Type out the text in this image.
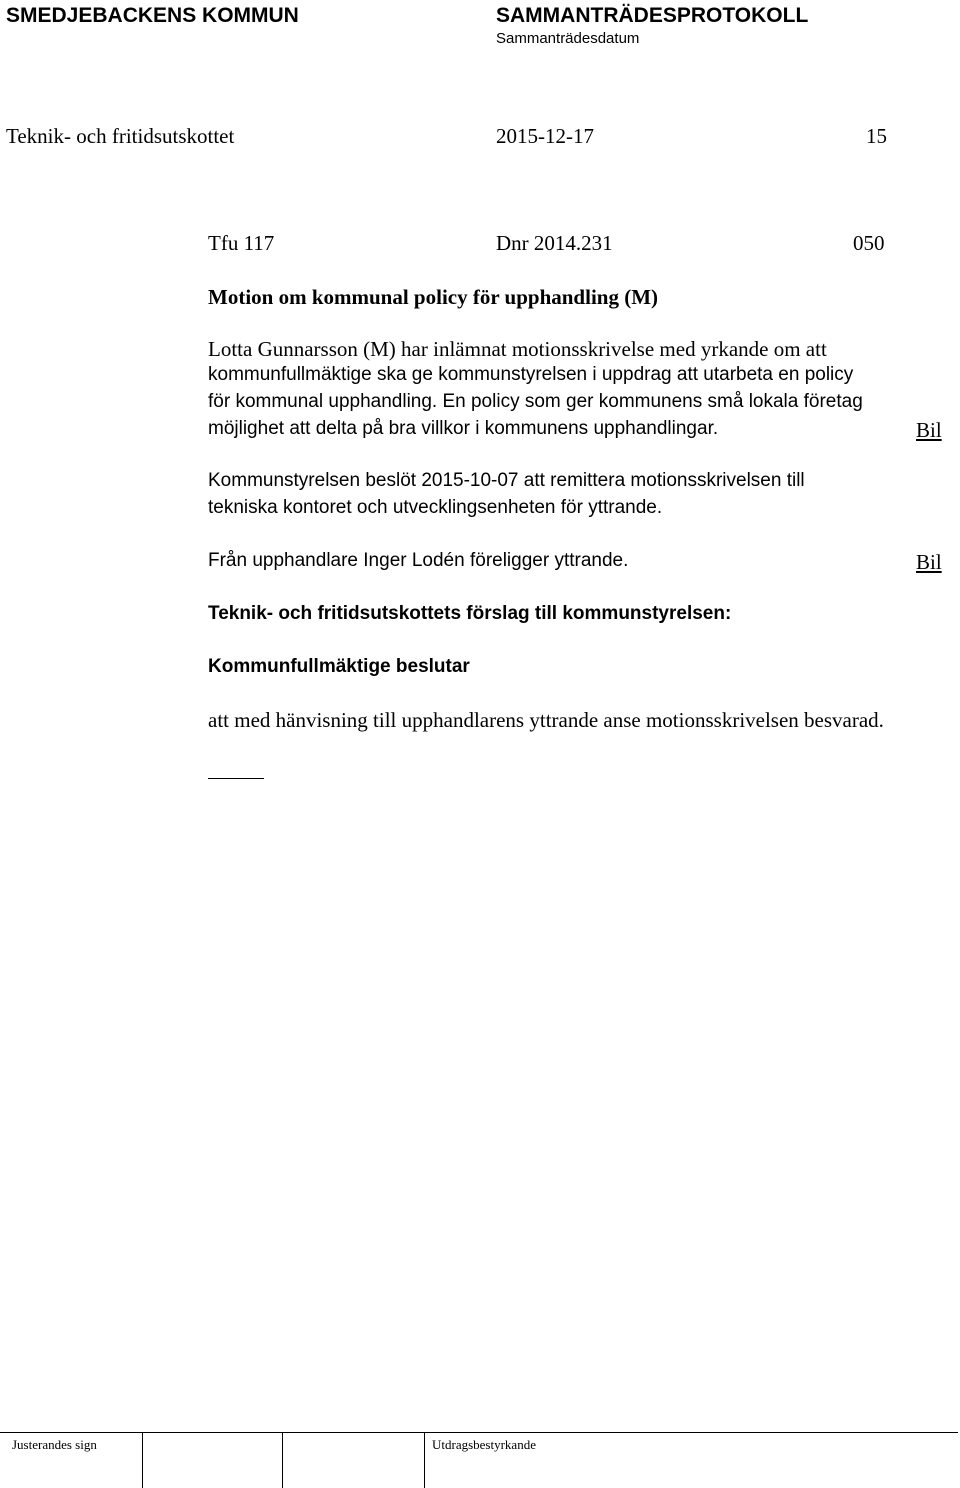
SMEDJEBACKENS KOMMUN	SAMMANTRÄDESPROTOKOLL
Sammanträdesdatum
Teknik- och fritidsutskottet	2015-12-17	15
Tfu 117	Dnr 2014.231	050
Motion om kommunal policy för upphandling (M)
Lotta Gunnarsson (M) har inlämnat motionsskrivelse med yrkande om att
kommunfullmäktige ska ge kommunstyrelsen i uppdrag att utarbeta en policy
för kommunal upphandling. En policy som ger kommunens små lokala företag
möjlighet att delta på bra villkor i kommunens upphandlingar.	Bil
Kommunstyrelsen beslöt 2015-10-07 att remittera motionsskrivelsen till
tekniska kontoret och utvecklingsenheten för yttrande.
Från upphandlare Inger Lodén föreligger yttrande.	Bil
Teknik- och fritidsutskottets förslag till kommunstyrelsen:
Kommunfullmäktige beslutar
att med hänvisning till upphandlarens yttrande anse motionsskrivelsen besvarad.
Justerandes sign	Utdragsbestyrkande
